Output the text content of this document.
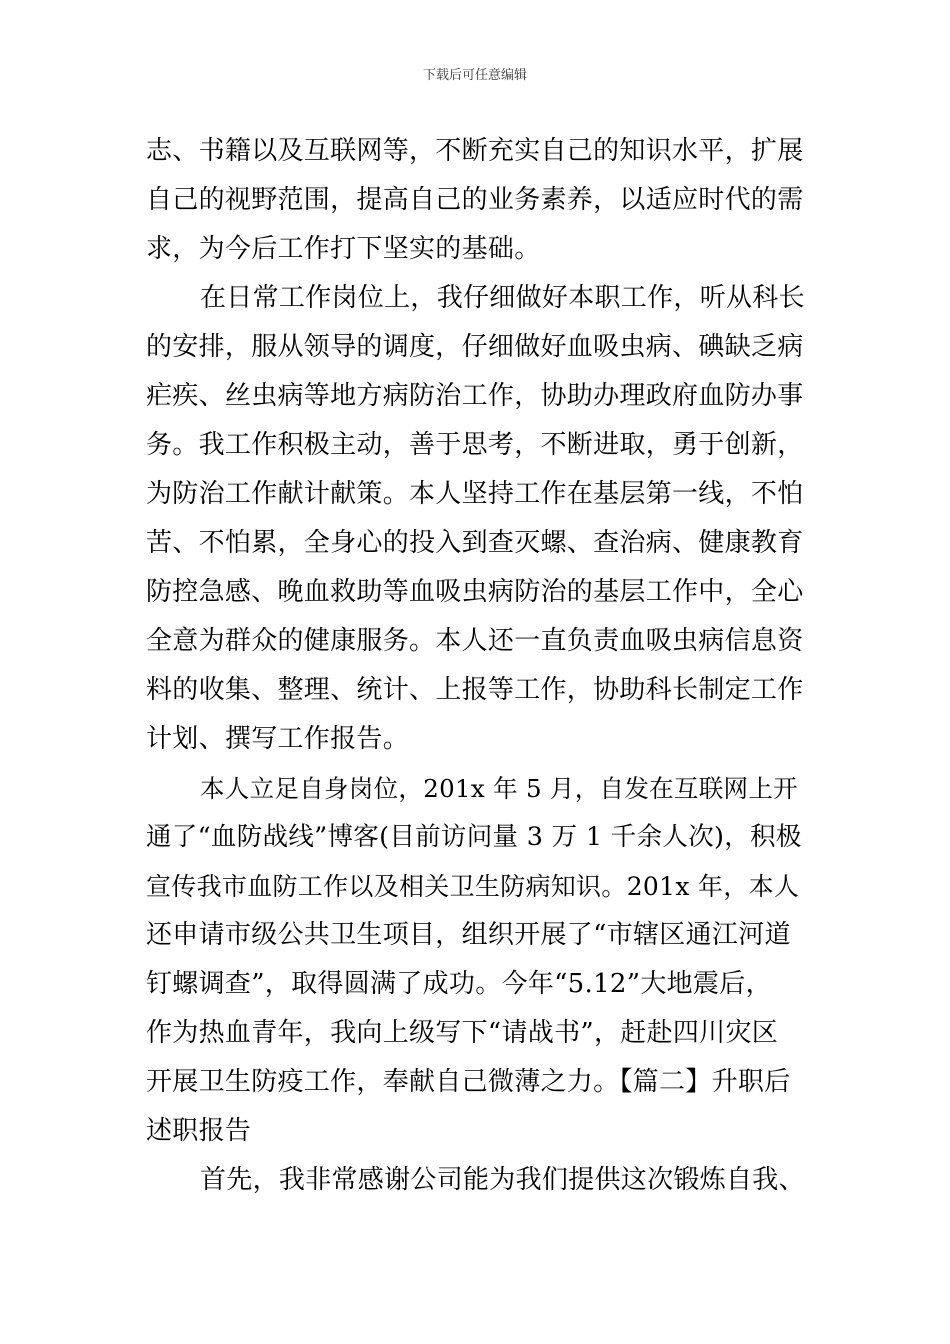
下载后可任意编辑
志、书籍以及互联网等，不断充实自己的知识水平，扩展
自己的视野范围，提高自己的业务素养，以适应时代的需
求，为今后工作打下坚实的基础。
在日常工作岗位上，我仔细做好本职工作，听从科长
的安排，服从领导的调度，仔细做好血吸虫病、碘缺乏病
疟疾、丝虫病等地方病防治工作，协助办理政府血防办事
务。我工作积极主动，善于思考，不断进取，勇于创新，
为防治工作献计献策。本人坚持工作在基层第一线，不怕
苦、不怕累，全身心的投入到查灭螺、查治病、健康教育
防控急感、晚血救助等血吸虫病防治的基层工作中，全心
全意为群众的健康服务。本人还一直负责血吸虫病信息资
料的收集、整理、统计、上报等工作，协助科长制定工作
计划、撰写工作报告。
本人立足自身岗位，201x 年 5 月，自发在互联网上开
通了“血防战线”博客(目前访问量 3 万 1 千余人次)，积极
宣传我市血防工作以及相关卫生防病知识。201x 年，本人
还申请市级公共卫生项目，组织开展了“市辖区通江河道
钉螺调查”，取得圆满了成功。今年“5.12”大地震后，
作为热血青年，我向上级写下“请战书”，赶赴四川灾区
开展卫生防疫工作，奉献自己微薄之力。【篇二】升职后
述职报告
首先，我非常感谢公司能为我们提供这次锻炼自我、
